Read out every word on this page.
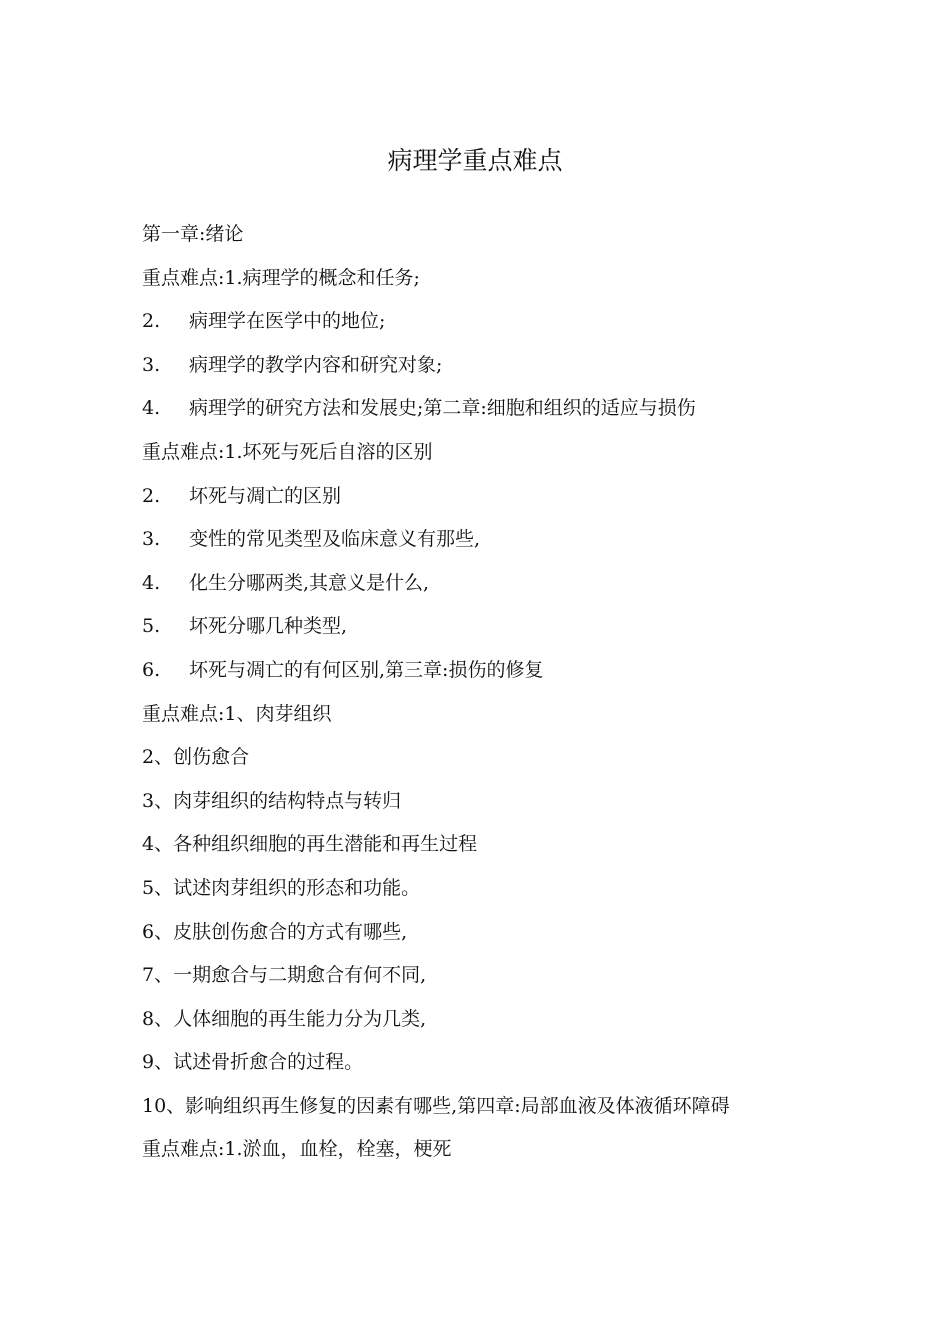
病理学重点难点
第一章:绪论
重点难点:1.病理学的概念和任务;
2. 病理学在医学中的地位;
3. 病理学的教学内容和研究对象;
4. 病理学的研究方法和发展史;第二章:细胞和组织的适应与损伤
重点难点:1.坏死与死后自溶的区别
2. 坏死与凋亡的区别
3. 变性的常见类型及临床意义有那些,
4. 化生分哪两类,其意义是什么,
5. 坏死分哪几种类型,
6. 坏死与凋亡的有何区别,第三章:损伤的修复
重点难点:1、肉芽组织
2、创伤愈合
3、肉芽组织的结构特点与转归
4、各种组织细胞的再生潜能和再生过程
5、试述肉芽组织的形态和功能。
6、皮肤创伤愈合的方式有哪些,
7、一期愈合与二期愈合有何不同,
8、人体细胞的再生能力分为几类,
9、试述骨折愈合的过程。
10、影响组织再生修复的因素有哪些,第四章:局部血液及体液循环障碍
重点难点:1.淤血，血栓，栓塞，梗死
